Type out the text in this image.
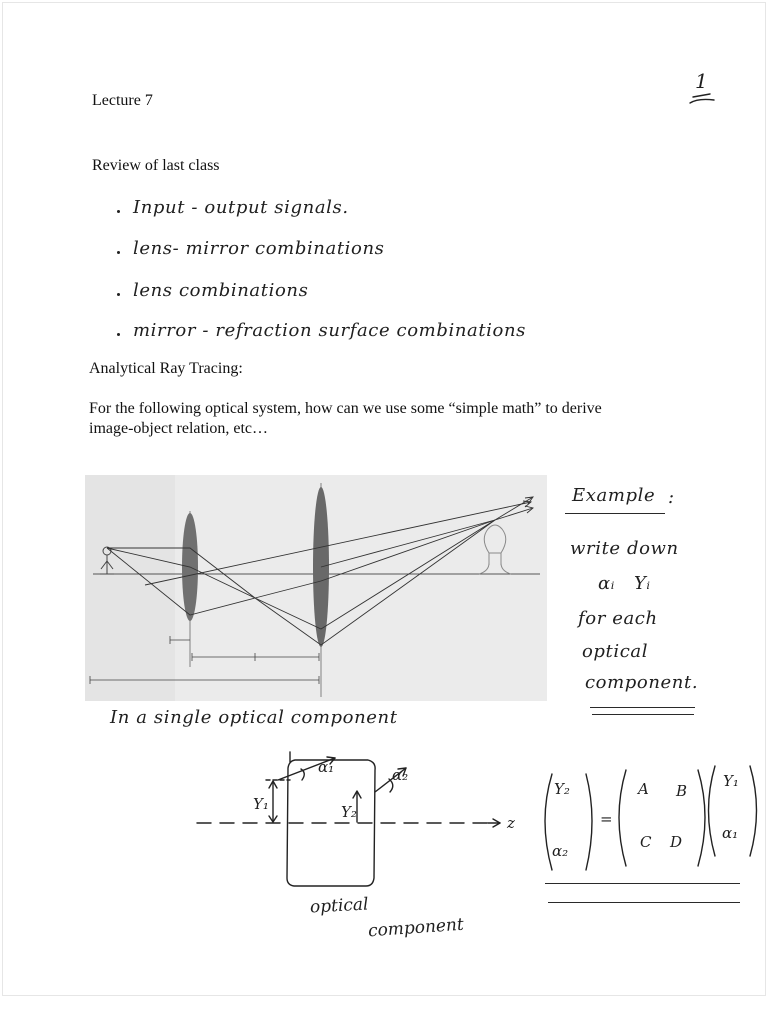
Lecture 7
1
Review of last class
Input - output signals.
lens- mirror combinations
lens combinations
mirror - refraction surface combinations
Analytical Ray Tracing:
For the following optical system, how can we use some “simple math” to derive
image-object relation, etc…
Example :
write down
αᵢ   Yᵢ
for each
optical
component.
In a single optical component
Y₁	Y₂
α₁	α₂
z
optical
component
Y₂
α₂
=
A B
C D
Y₁
α₁
